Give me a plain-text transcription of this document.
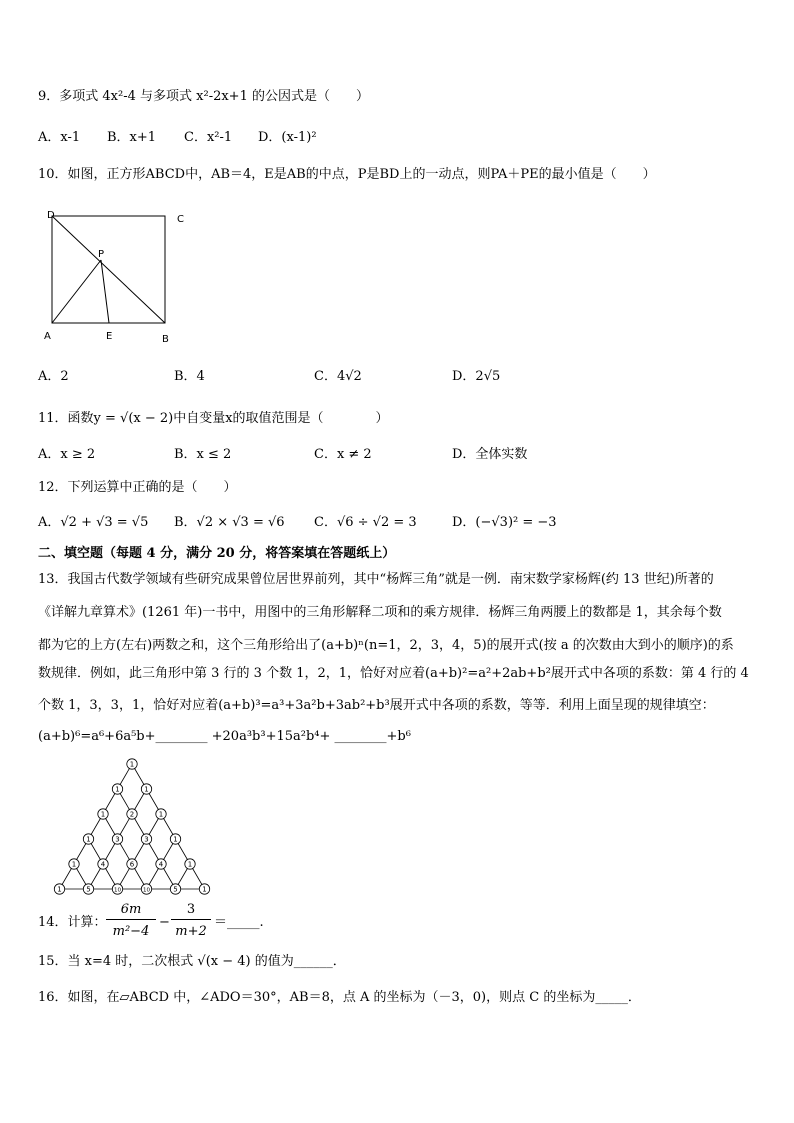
9．多项式 4x²-4 与多项式 x²-2x+1 的公因式是（　　）
A．x-1 B．x+1 C．x²-1 D．(x-1)²
10．如图，正方形ABCD中，AB＝4，E是AB的中点，P是BD上的一动点，则PA＋PE的最小值是（　　）
D	C
P
A	E	B
A．2	B．4	C．4√2	D．2√5
11．函数y = √(x − 2)中自变量x的取值范围是（　　　　）
A．x ≥ 2	B．x ≤ 2	C．x ≠ 2	D．全体实数
12．下列运算中正确的是（　　）
A．√2 + √3 = √5 B．√2 × √3 = √6 C．√6 ÷ √2 = 3	D．(−√3)² = −3
二、填空题（每题 4 分，满分 20 分，将答案填在答题纸上）
13．我国古代数学领域有些研究成果曾位居世界前列，其中“杨辉三角”就是一例．南宋数学家杨辉(约 13 世纪)所著的
《详解九章算术》(1261 年)一书中，用图中的三角形解释二项和的乘方规律．杨辉三角两腰上的数都是 1，其余每个数
都为它的上方(左右)两数之和，这个三角形给出了(a+b)ⁿ(n=1，2，3，4，5)的展开式(按 a 的次数由大到小的顺序)的系
数规律．例如，此三角形中第 3 行的 3 个数 1，2，1，恰好对应着(a+b)²=a²+2ab+b²展开式中各项的系数：第 4 行的 4
个数 1，3，3，1，恰好对应着(a+b)³=a³+3a²b+3ab²+b³展开式中各项的系数，等等．利用上面呈现的规律填空：
(a+b)⁶=a⁶+6a⁵b+________ +20a³b³+15a²b⁴+ ________+b⁶
1
1	1
1	2	1
1	3	3	1
1	4	6	4	1
1	5	10	10	5	1
14．计算：
6m
m²−4
−
3
m+2
＝_____.
15．当 x=4 时，二次根式 √(x − 4) 的值为______．
16．如图，在▱ABCD 中，∠ADO＝30°，AB＝8，点 A 的坐标为（－3，0)，则点 C 的坐标为_____．
